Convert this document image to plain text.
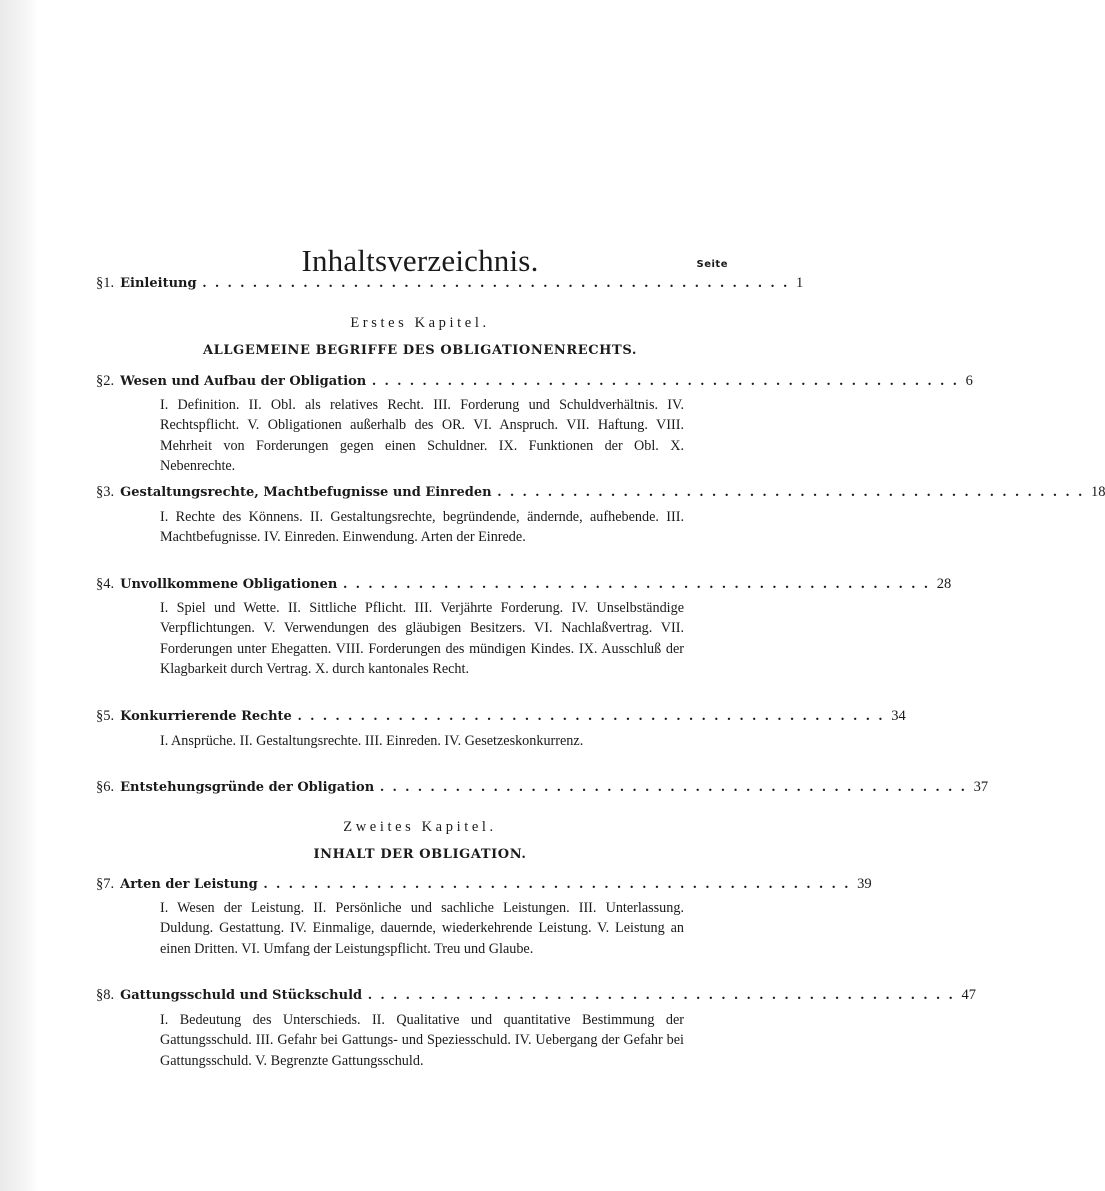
Inhaltsverzeichnis.	Seite
§ 1. Einleitung ............................................... 1
Erstes Kapitel.
ALLGEMEINE BEGRIFFE DES OBLIGATIONENRECHTS.
§ 2. Wesen und Aufbau der Obligation ............................................... 6
I. Definition. II. Obl. als relatives Recht. III. Forderung und Schuldverhältnis. IV. Rechtspflicht. V. Obligationen außerhalb des OR. VI. Anspruch. VII. Haftung. VIII. Mehrheit von Forderungen gegen einen Schuldner. IX. Funktionen der Obl. X. Nebenrechte.
§ 3. Gestaltungsrechte, Machtbefugnisse und Einreden ............................................... 18
I. Rechte des Könnens. II. Gestaltungsrechte, begründende, ändernde, aufhebende. III. Machtbefugnisse. IV. Einreden. Einwendung. Arten der Einrede.
§ 4. Unvollkommene Obligationen ............................................... 28
I. Spiel und Wette. II. Sittliche Pflicht. III. Verjährte Forderung. IV. Unselbständige Verpflichtungen. V. Verwendungen des gläubigen Besitzers. VI. Nachlaßvertrag. VII. Forderungen unter Ehegatten. VIII. Forderungen des mündigen Kindes. IX. Ausschluß der Klagbarkeit durch Vertrag. X. durch kantonales Recht.
§ 5. Konkurrierende Rechte ............................................... 34
I. Ansprüche. II. Gestaltungsrechte. III. Einreden. IV. Gesetzeskonkurrenz.
§ 6. Entstehungsgründe der Obligation ............................................... 37
Zweites Kapitel.
INHALT DER OBLIGATION.
§ 7. Arten der Leistung ............................................... 39
I. Wesen der Leistung. II. Persönliche und sachliche Leistungen. III. Unterlassung. Duldung. Gestattung. IV. Einmalige, dauernde, wiederkehrende Leistung. V. Leistung an einen Dritten. VI. Umfang der Leistungspflicht. Treu und Glaube.
§ 8. Gattungsschuld und Stückschuld ............................................... 47
I. Bedeutung des Unterschieds. II. Qualitative und quantitative Bestimmung der Gattungsschuld. III. Gefahr bei Gattungs- und Speziesschuld. IV. Uebergang der Gefahr bei Gattungsschuld. V. Begrenzte Gattungsschuld.
